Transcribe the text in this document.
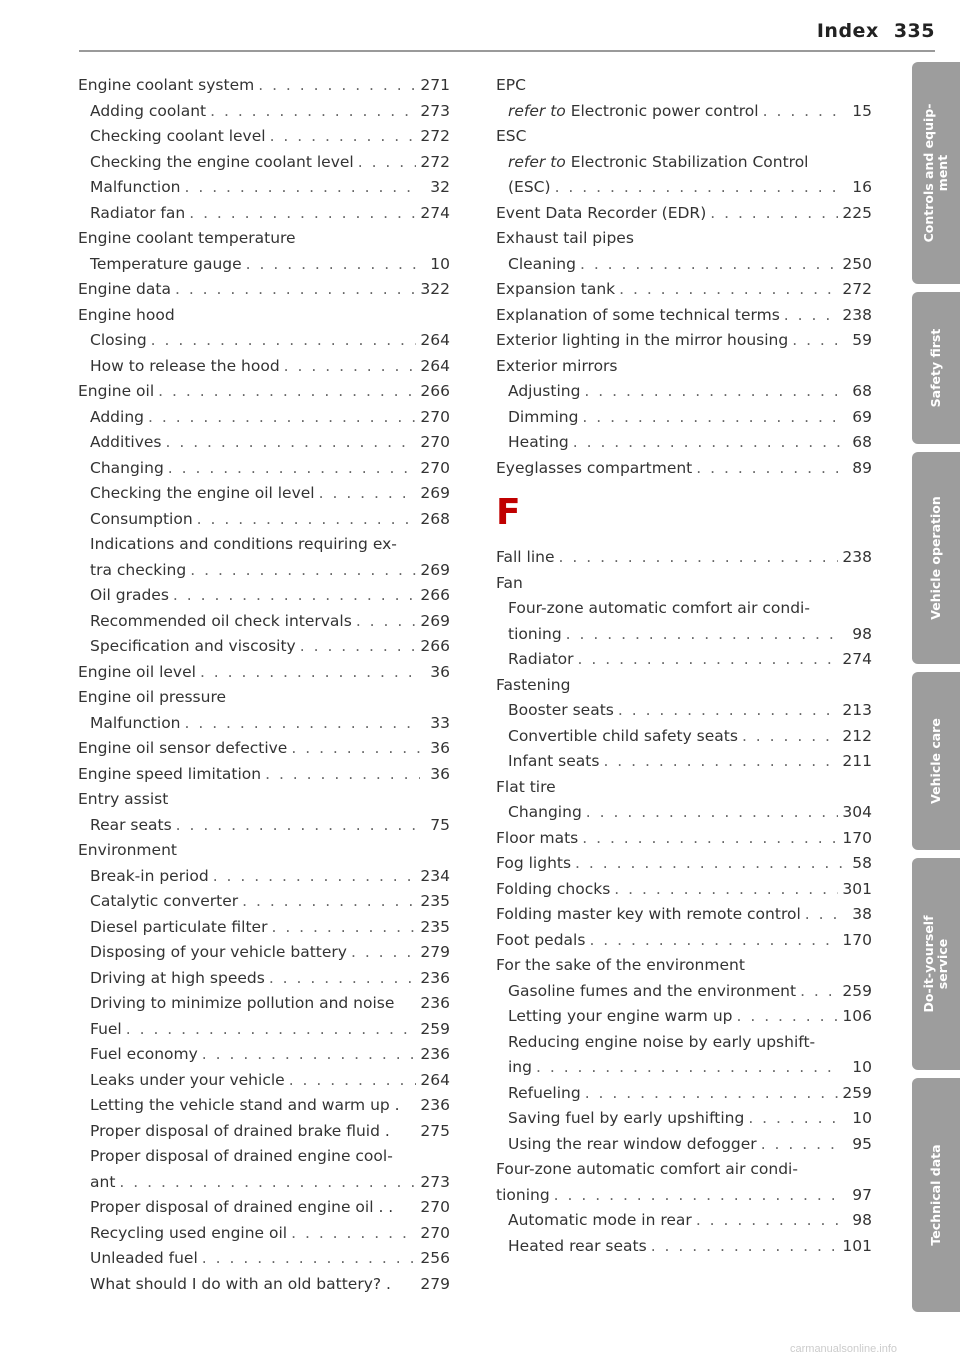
Index 335
Engine coolant system . . .	271
Adding coolant . . .	273
Checking coolant level . . .	272
Checking the engine coolant level . . .	272
Malfunction . . .	32
Radiator fan . . .	274
Engine coolant temperature
Temperature gauge . . .	10
Engine data . . .	322
Engine hood
Closing . . .	264
How to release the hood . . .	264
Engine oil . . .	266
Adding . . .	270
Additives . . .	270
Changing . . .	270
Checking the engine oil level . . .	269
Consumption . . .	268
Indications and conditions requiring ex-
tra checking . . .	269
Oil grades . . .	266
Recommended oil check intervals . . .	269
Specification and viscosity . . .	266
Engine oil level . . .	36
Engine oil pressure
Malfunction . . .	33
Engine oil sensor defective . . .	36
Engine speed limitation . . .	36
Entry assist
Rear seats . . .	75
Environment
Break-in period . . .	234
Catalytic converter . . .	235
Diesel particulate filter . . .	235
Disposing of your vehicle battery . . .	279
Driving at high speeds . . .	236
Driving to minimize pollution and noise 236
Fuel . . .	259
Fuel economy . . .	236
Leaks under your vehicle . . .	264
Letting the vehicle stand and warm up . 236
Proper disposal of drained brake fluid . 275
Proper disposal of drained engine cool-
ant . . .	273
Proper disposal of drained engine oil . . 270
Recycling used engine oil . . .	270
Unleaded fuel . . .	256
What should I do with an old battery? . 279
EPC
refer to Electronic power control . . .	15
ESC
refer to Electronic Stabilization Control
(ESC) . . .	16
Event Data Recorder (EDR) . . .	225
Exhaust tail pipes
Cleaning . . .	250
Expansion tank . . .	272
Explanation of some technical terms . . .	238
Exterior lighting in the mirror housing . . .	59
Exterior mirrors
Adjusting . . .	68
Dimming . . .	69
Heating . . .	68
Eyeglasses compartment . . .	89
F
Fall line . . .	238
Fan
Four-zone automatic comfort air condi-
tioning . . .	98
Radiator . . .	274
Fastening
Booster seats . . .	213
Convertible child safety seats . . .	212
Infant seats . . .	211
Flat tire
Changing . . .	304
Floor mats . . .	170
Fog lights . . .	58
Folding chocks . . .	301
Folding master key with remote control . . .	38
Foot pedals . . .	170
For the sake of the environment
Gasoline fumes and the environment . . .	259
Letting your engine warm up . . .	106
Reducing engine noise by early upshift-
ing . . .	10
Refueling . . .	259
Saving fuel by early upshifting . . .	10
Using the rear window defogger . . .	95
Four-zone automatic comfort air condi-
tioning . . .	97
Automatic mode in rear . . .	98
Heated rear seats . . .	101
Controls and equip-
ment
Safety first
Vehicle operation
Vehicle care
Do-it-yourself
service
Technical data
carmanualsonline.info
